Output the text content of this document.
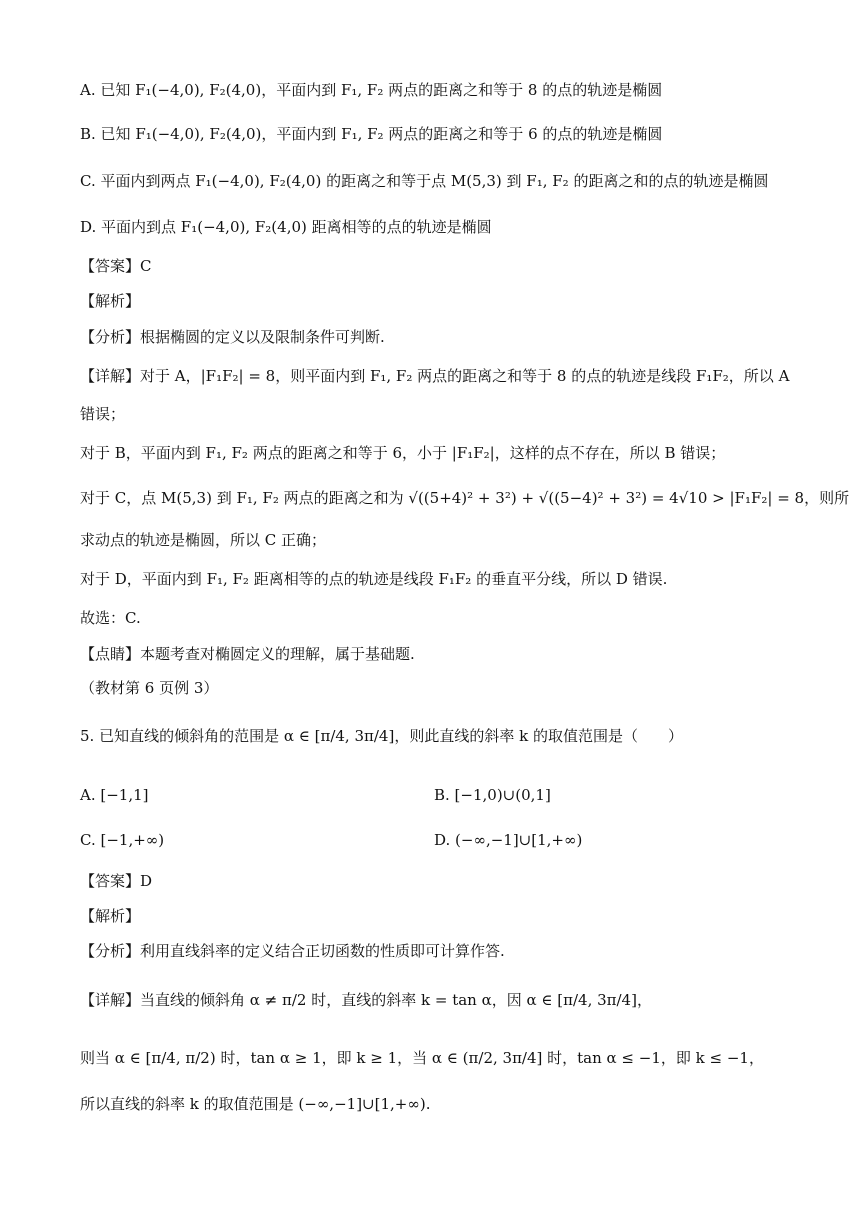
A. 已知 F₁(−4,0), F₂(4,0)，平面内到 F₁, F₂ 两点的距离之和等于 8 的点的轨迹是椭圆
B. 已知 F₁(−4,0), F₂(4,0)，平面内到 F₁, F₂ 两点的距离之和等于 6 的点的轨迹是椭圆
C. 平面内到两点 F₁(−4,0), F₂(4,0) 的距离之和等于点 M(5,3) 到 F₁, F₂ 的距离之和的点的轨迹是椭圆
D. 平面内到点 F₁(−4,0), F₂(4,0) 距离相等的点的轨迹是椭圆
【答案】C
【解析】
【分析】根据椭圆的定义以及限制条件可判断.
【详解】对于 A，|F₁F₂| = 8，则平面内到 F₁, F₂ 两点的距离之和等于 8 的点的轨迹是线段 F₁F₂，所以 A
错误；
对于 B，平面内到 F₁, F₂ 两点的距离之和等于 6，小于 |F₁F₂|，这样的点不存在，所以 B 错误；
对于 C，点 M(5,3) 到 F₁, F₂ 两点的距离之和为 √((5+4)² + 3²) + √((5−4)² + 3²) = 4√10 > |F₁F₂| = 8，则所
求动点的轨迹是椭圆，所以 C 正确；
对于 D，平面内到 F₁, F₂ 距离相等的点的轨迹是线段 F₁F₂ 的垂直平分线，所以 D 错误.
故选：C.
【点睛】本题考查对椭圆定义的理解，属于基础题.
（教材第 6 页例 3）
5. 已知直线的倾斜角的范围是 α ∈ [π/4, 3π/4]，则此直线的斜率 k 的取值范围是（　　）
A. [−1,1]	B. [−1,0)∪(0,1]
C. [−1,+∞)	D. (−∞,−1]∪[1,+∞)
【答案】D
【解析】
【分析】利用直线斜率的定义结合正切函数的性质即可计算作答.
【详解】当直线的倾斜角 α ≠ π/2 时，直线的斜率 k = tan α，因 α ∈ [π/4, 3π/4]，
则当 α ∈ [π/4, π/2) 时，tan α ≥ 1，即 k ≥ 1，当 α ∈ (π/2, 3π/4] 时，tan α ≤ −1，即 k ≤ −1，
所以直线的斜率 k 的取值范围是 (−∞,−1]∪[1,+∞).
